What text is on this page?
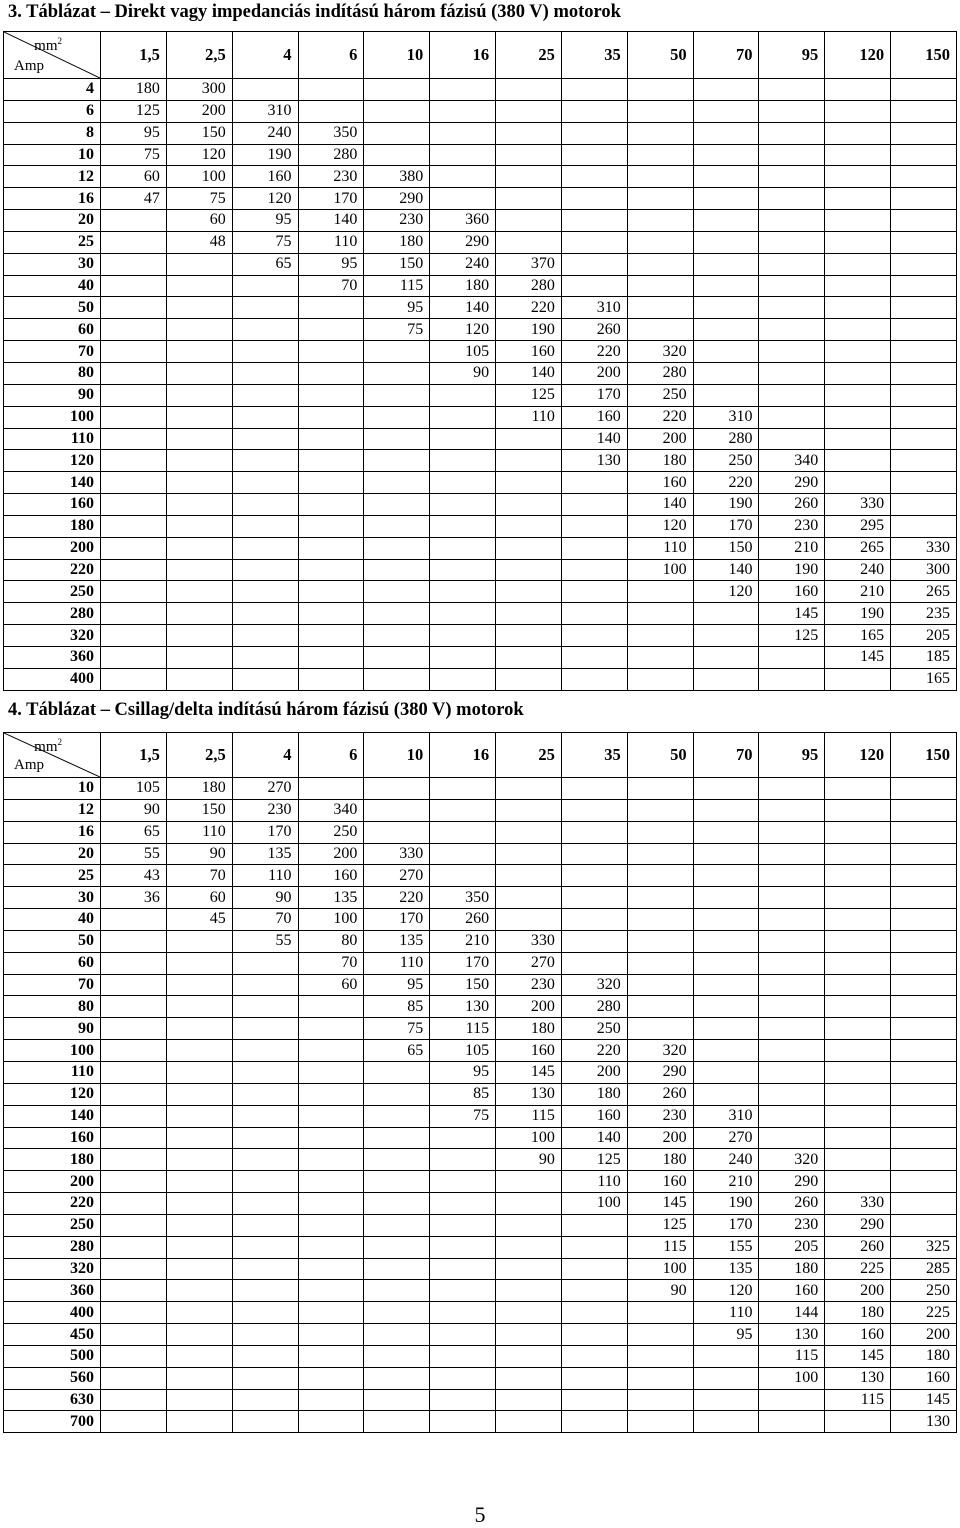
3. Táblázat – Direkt vagy impedanciás indítású három fázisú (380 V) motorok
$mm^2$
Amp	1,5	2,5	4	6	10	16	25	35	50	70	95	120	150
4	180	300											
6	125	200	310										
8	95	150	240	350									
10	75	120	190	280									
12	60	100	160	230	380								
16	47	75	120	170	290								
20		60	95	140	230	360							
25		48	75	110	180	290							
30			65	95	150	240	370						
40				70	115	180	280						
50					95	140	220	310					
60					75	120	190	260					
70						105	160	220	320				
80						90	140	200	280				
90							125	170	250				
100							110	160	220	310			
110								140	200	280			
120								130	180	250	340		
140									160	220	290		
160									140	190	260	330	
180									120	170	230	295	
200									110	150	210	265	330
220									100	140	190	240	300
250										120	160	210	265
280											145	190	235
320											125	165	205
360												145	185
400													165
4. Táblázat – Csillag/delta indítású három fázisú (380 V) motorok
$mm^2$
Amp	1,5	2,5	4	6	10	16	25	35	50	70	95	120	150
10	105	180	270										
12	90	150	230	340									
16	65	110	170	250									
20	55	90	135	200	330								
25	43	70	110	160	270								
30	36	60	90	135	220	350							
40		45	70	100	170	260							
50			55	80	135	210	330						
60				70	110	170	270						
70				60	95	150	230	320					
80					85	130	200	280					
90					75	115	180	250					
100					65	105	160	220	320				
110						95	145	200	290				
120						85	130	180	260				
140						75	115	160	230	310			
160							100	140	200	270			
180							90	125	180	240	320		
200								110	160	210	290		
220								100	145	190	260	330	
250									125	170	230	290	
280									115	155	205	260	325
320									100	135	180	225	285
360									90	120	160	200	250
400										110	144	180	225
450										95	130	160	200
500											115	145	180
560											100	130	160
630												115	145
700													130
5
